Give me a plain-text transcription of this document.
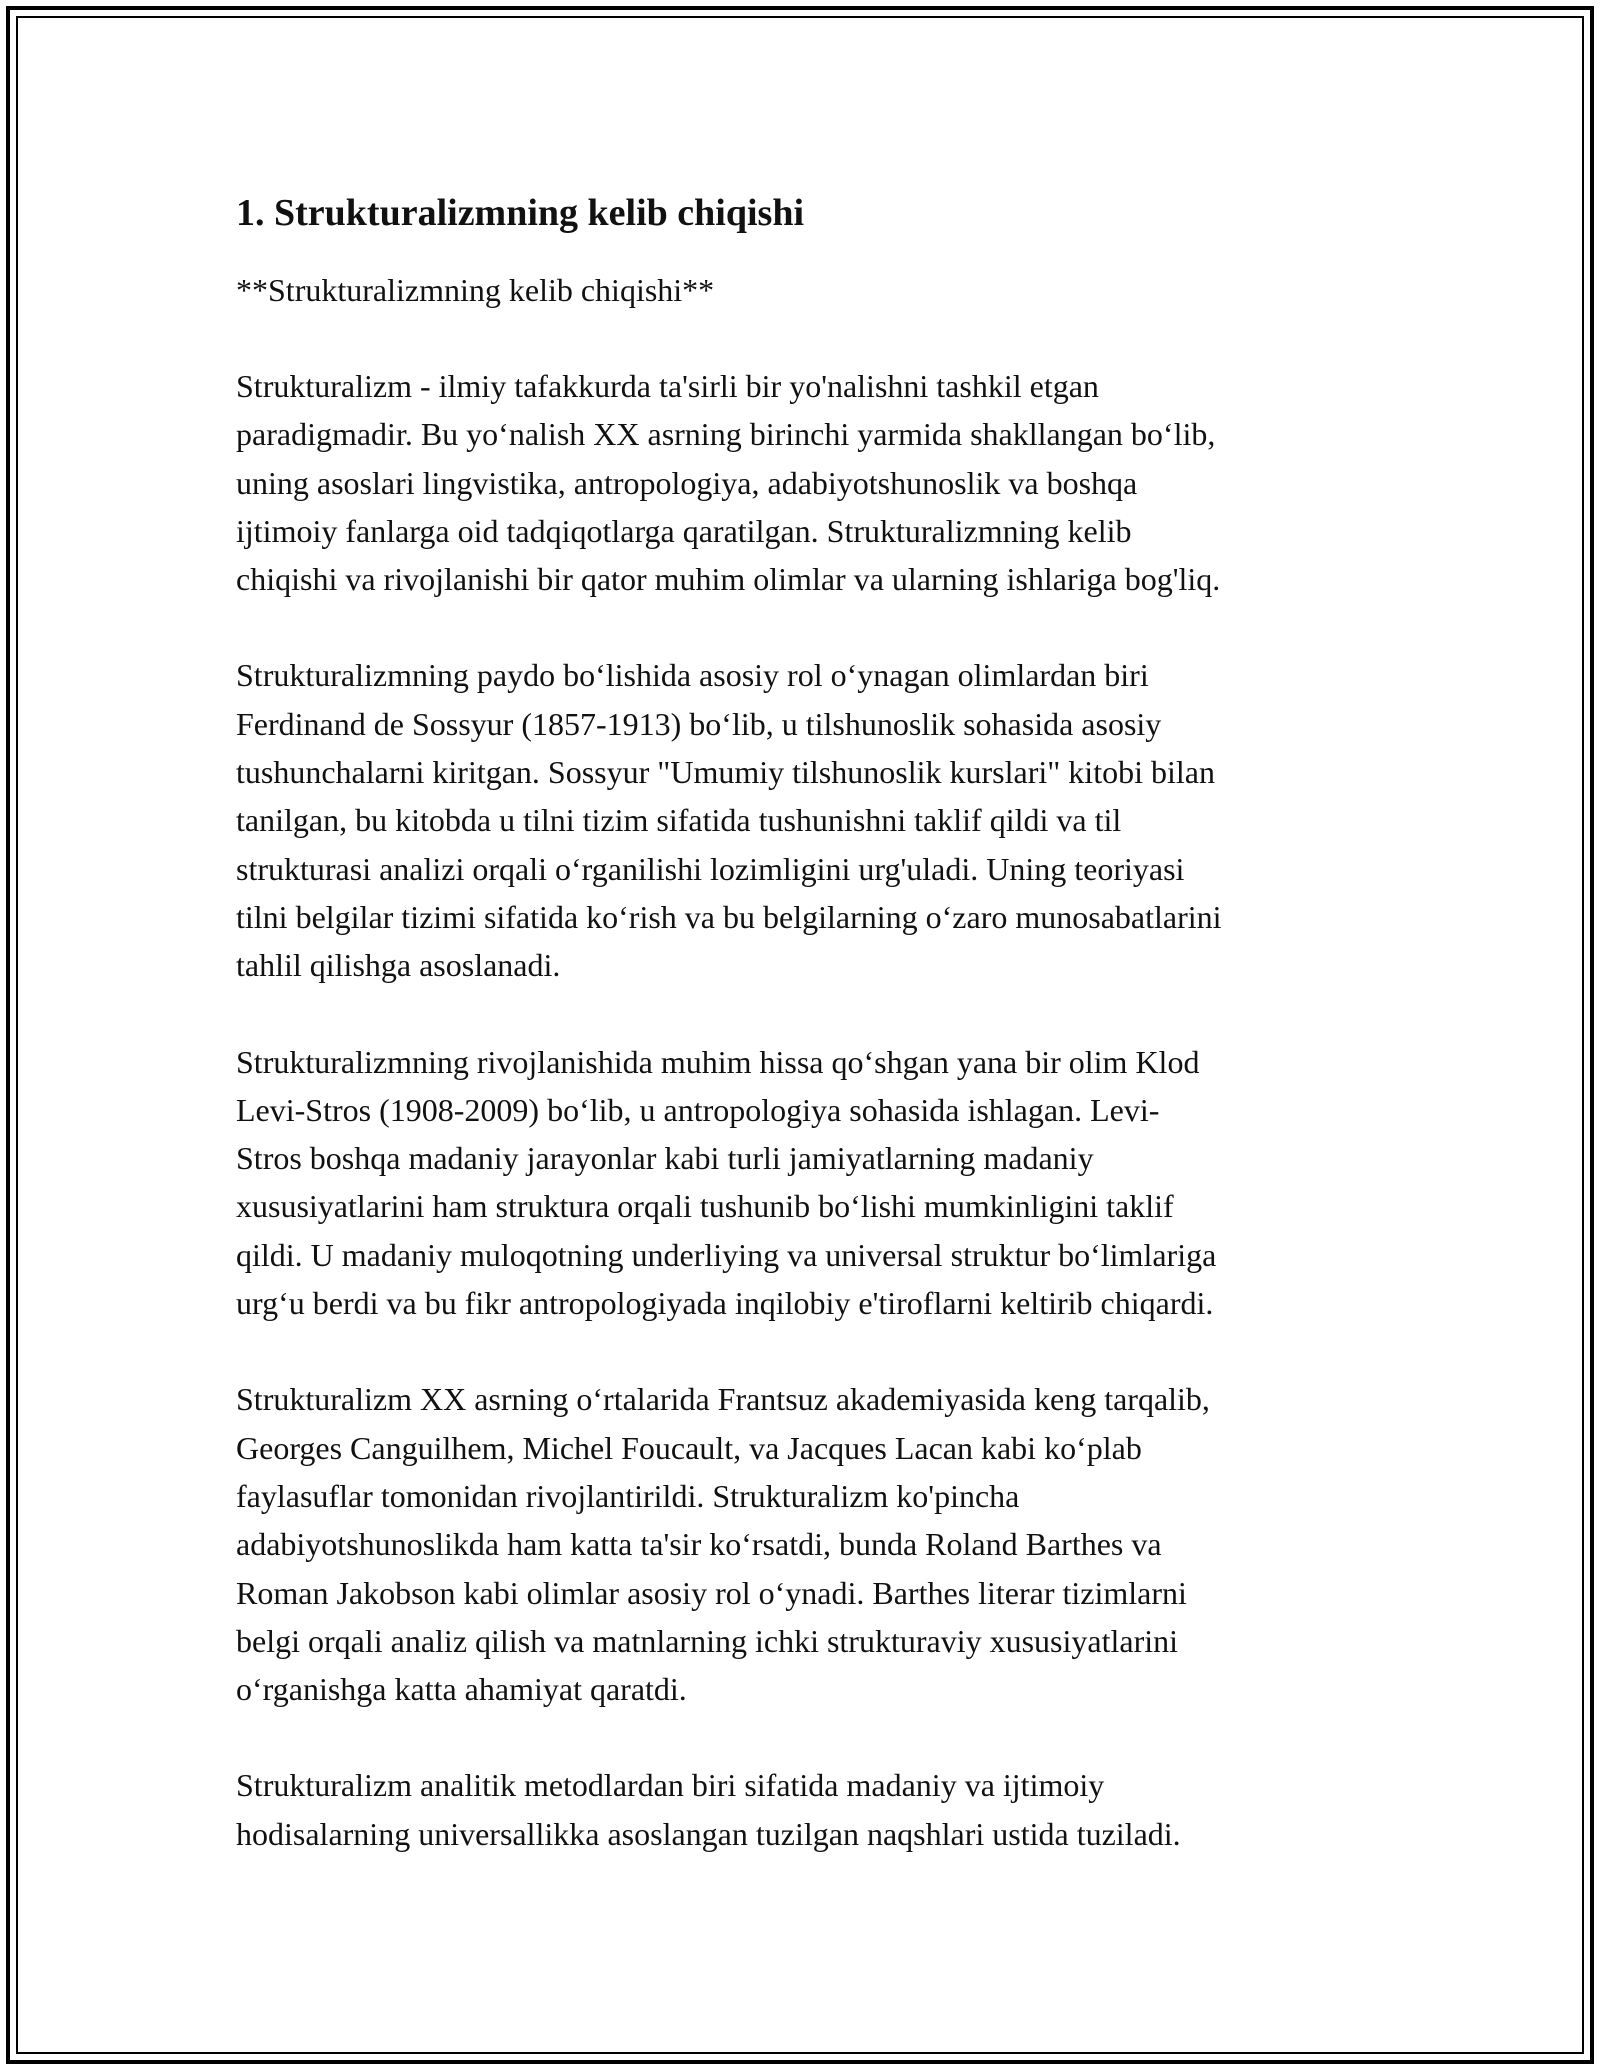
1. Strukturalizmning kelib chiqishi
**Strukturalizmning kelib chiqishi**

Strukturalizm - ilmiy tafakkurda ta'sirli bir yo'nalishni tashkil etgan
paradigmadir. Bu yo‘nalish XX asrning birinchi yarmida shakllangan bo‘lib,
uning asoslari lingvistika, antropologiya, adabiyotshunoslik va boshqa
ijtimoiy fanlarga oid tadqiqotlarga qaratilgan. Strukturalizmning kelib
chiqishi va rivojlanishi bir qator muhim olimlar va ularning ishlariga bog'liq.

Strukturalizmning paydo bo‘lishida asosiy rol o‘ynagan olimlardan biri
Ferdinand de Sossyur (1857-1913) bo‘lib, u tilshunoslik sohasida asosiy
tushunchalarni kiritgan. Sossyur "Umumiy tilshunoslik kurslari" kitobi bilan
tanilgan, bu kitobda u tilni tizim sifatida tushunishni taklif qildi va til
strukturasi analizi orqali o‘rganilishi lozimligini urg'uladi. Uning teoriyasi
tilni belgilar tizimi sifatida ko‘rish va bu belgilarning o‘zaro munosabatlarini
tahlil qilishga asoslanadi.

Strukturalizmning rivojlanishida muhim hissa qo‘shgan yana bir olim Klod
Levi-Stros (1908-2009) bo‘lib, u antropologiya sohasida ishlagan. Levi-
Stros boshqa madaniy jarayonlar kabi turli jamiyatlarning madaniy
xususiyatlarini ham struktura orqali tushunib bo‘lishi mumkinligini taklif
qildi. U madaniy muloqotning underliying va universal struktur bo‘limlariga
urg‘u berdi va bu fikr antropologiyada inqilobiy e'tiroflarni keltirib chiqardi.

Strukturalizm XX asrning o‘rtalarida Frantsuz akademiyasida keng tarqalib,
Georges Canguilhem, Michel Foucault, va Jacques Lacan kabi ko‘plab
faylasuflar tomonidan rivojlantirildi. Strukturalizm ko'pincha
adabiyotshunoslikda ham katta ta'sir ko‘rsatdi, bunda Roland Barthes va
Roman Jakobson kabi olimlar asosiy rol o‘ynadi. Barthes literar tizimlarni
belgi orqali analiz qilish va matnlarning ichki strukturaviy xususiyatlarini
o‘rganishga katta ahamiyat qaratdi.

Strukturalizm analitik metodlardan biri sifatida madaniy va ijtimoiy
hodisalarning universallikka asoslangan tuzilgan naqshlari ustida tuziladi.
